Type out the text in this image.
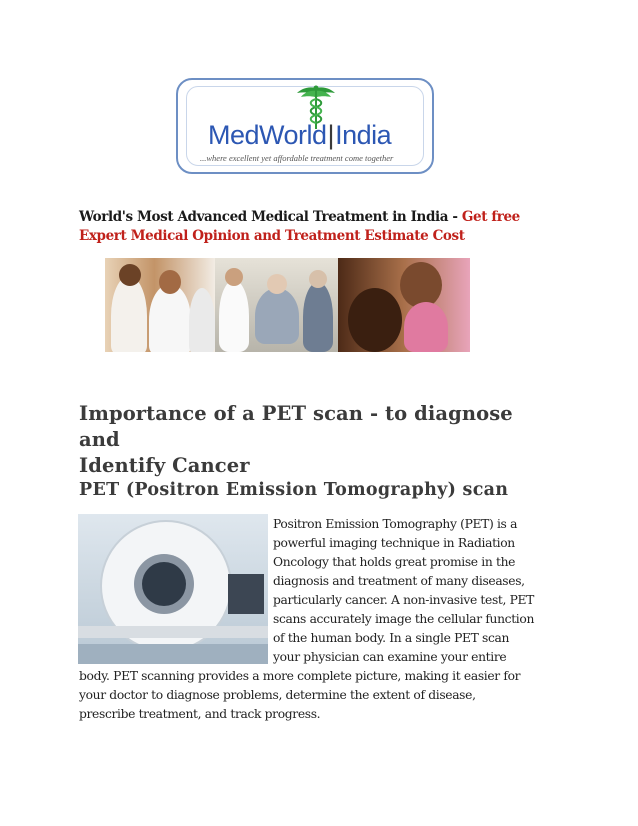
MedWorld|India
...where excellent yet affordable treatment come together
World's Most Advanced Medical Treatment in India - Get free
Expert Medical Opinion and Treatment Estimate Cost
Importance of a PET scan - to diagnose and
Identify Cancer
PET (Positron Emission Tomography) scan
Positron Emission Tomography (PET) is a
powerful imaging technique in Radiation
Oncology that holds great promise in the
diagnosis and treatment of many diseases,
particularly cancer. A non-invasive test, PET
scans accurately image the cellular function
of the human body. In a single PET scan
your physician can examine your entire
body. PET scanning provides a more complete picture, making it easier for
your doctor to diagnose problems, determine the extent of disease,
prescribe treatment, and track progress.
